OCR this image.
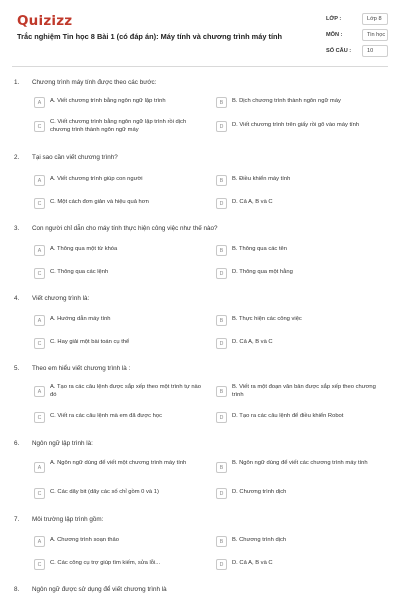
Quizizz
Trắc nghiệm Tin học 8 Bài 1 (có đáp án): Máy tính và chương trình máy tính
LỚP :	Lớp 8
MÔN :	Tin học
SỐ CÂU :	10
1. Chương trình máy tính được theo các bước:
A	A. Viết chương trình bằng ngôn ngữ lập trình	B	B. Dịch chương trình thành ngôn ngữ máy
C
C. Viết chương trình bằng ngôn ngữ lập trình rồi dịch chương trình thành ngôn ngữ máy	D	D. Viết chương trình trên giấy rồi gõ vào máy tính
2. Tại sao cần viết chương trình?
A	A. Viết chương trình giúp con người	B	B. Điều khiển máy tính
C	C. Một cách đơn giản và hiệu quả hơn	D	D. Cả A, B và C
3. Con người chỉ dẫn cho máy tính thực hiện công việc như thế nào?
A	A. Thông qua một từ khóa	B	B. Thông qua các tên
C	C. Thông qua các lệnh	D	D. Thông qua một hằng
4. Viết chương trình là:
A	A. Hướng dẫn máy tính	B	B. Thực hiện các công việc
C	C. Hay giải một bài toán cụ thể	D	D. Cả A, B và C
5. Theo em hiểu viết chương trình là :
A
A. Tạo ra các câu lệnh được sắp xếp theo một trình tự nào đó	B
B. Viết ra một đoạn văn bản được sắp xếp theo chương trình
C	C. Viết ra các câu lệnh mà em đã được học	D	D. Tạo ra các câu lệnh để điều khiển Robot
6. Ngôn ngữ lập trình là:
A
A. Ngôn ngữ dùng để viết một chương trình máy tính
B
B. Ngôn ngữ dùng để viết các chương trình máy tính
C	C. Các dãy bit (dãy các số chỉ gồm 0 và 1)	D	D. Chương trình dịch
7. Môi trường lập trình gồm:
A	A. Chương trình soạn thảo	B	B. Chương trình dịch
C	C. Các công cụ trợ giúp tìm kiếm, sửa lỗi...	D	D. Cả A, B và C
8. Ngôn ngữ được sử dụng để viết chương trình là
